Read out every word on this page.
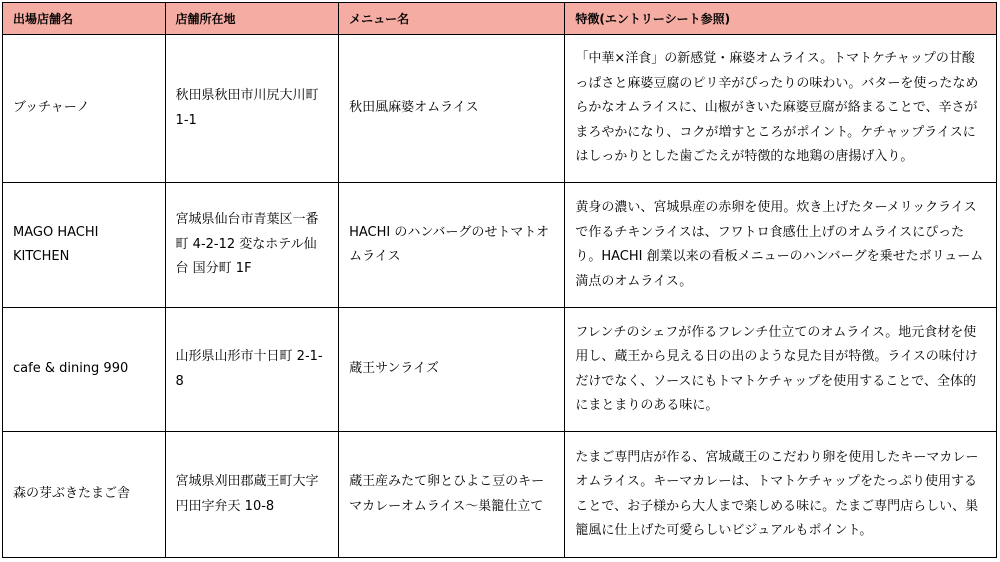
出場店舗名	店舗所在地	メニュー名	特徴(エントリーシート参照)
ブッチャーノ	秋田県秋田市川尻大川町 1-1	秋田風麻婆オムライス	「中華×洋食」の新感覚・麻婆オムライス。トマトケチャップの甘酸っぱさと麻婆豆腐のピリ辛がぴったりの味わい。バターを使ったなめらかなオムライスに、山椒がきいた麻婆豆腐が絡まることで、辛さがまろやかになり、コクが増すところがポイント。ケチャップライスにはしっかりとした歯ごたえが特徴的な地鶏の唐揚げ入り。
MAGO HACHI KITCHEN	宮城県仙台市青葉区一番町 4-2-12 変なホテル仙台 国分町 1F	HACHI のハンバーグのせトマトオムライス	黄身の濃い、宮城県産の赤卵を使用。炊き上げたターメリックライスで作るチキンライスは、フワトロ食感仕上げのオムライスにぴったり。HACHI 創業以来の看板メニューのハンバーグを乗せたボリューム満点のオムライス。
cafe & dining 990	山形県山形市十日町 2-1-8	蔵王サンライズ	フレンチのシェフが作るフレンチ仕立てのオムライス。地元食材を使用し、蔵王から見える日の出のような見た目が特徴。ライスの味付けだけでなく、ソースにもトマトケチャップを使用することで、全体的にまとまりのある味に。
森の芽ぶきたまご舎	宮城県刈田郡蔵王町大字円田字弁天 10-8	蔵王産みたて卵とひよこ豆のキーマカレーオムライス～巣籠仕立て	たまご専門店が作る、宮城蔵王のこだわり卵を使用したキーマカレーオムライス。キーマカレーは、トマトケチャップをたっぷり使用することで、お子様から大人まで楽しめる味に。たまご専門店らしい、巣籠風に仕上げた可愛らしいビジュアルもポイント。
